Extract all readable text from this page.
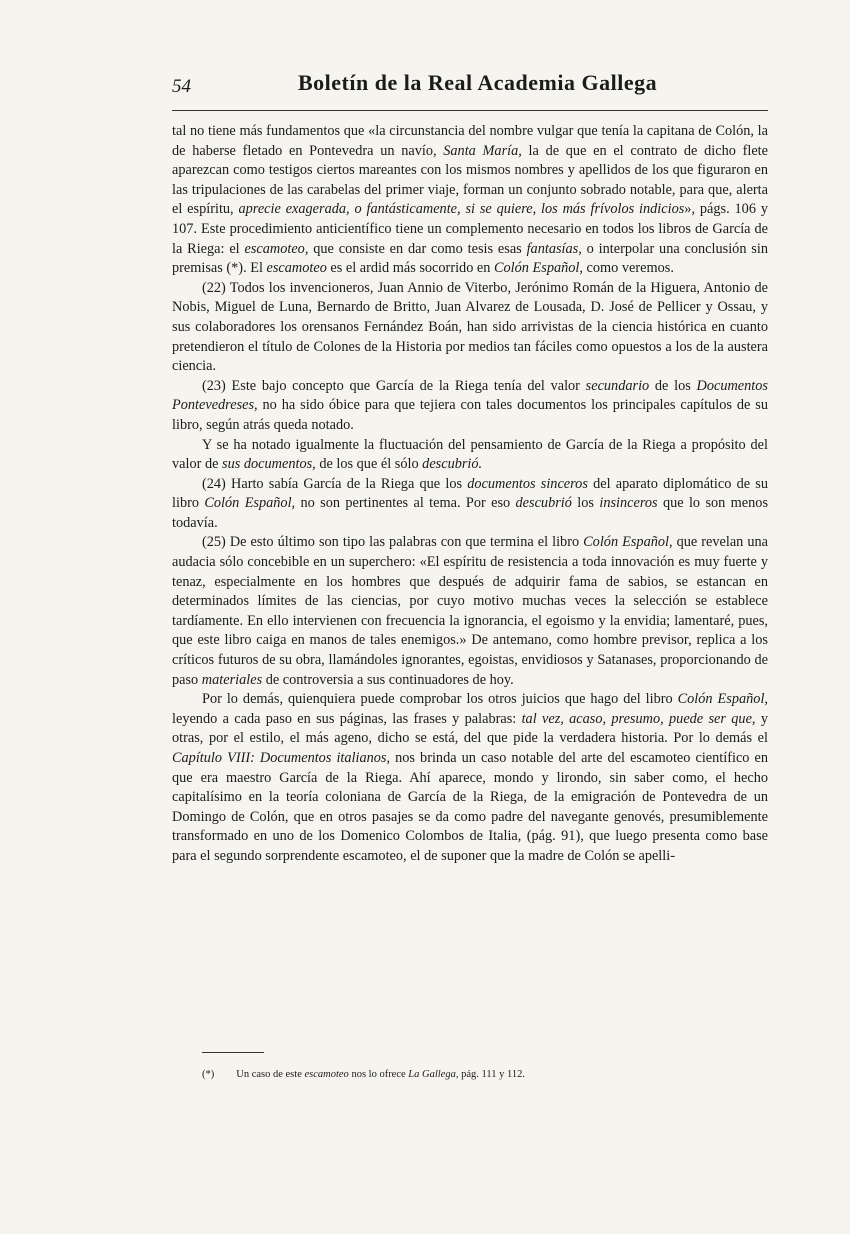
54	Boletín de la Real Academia Gallega

tal no tiene más fundamentos que «la circunstancia del nombre vulgar que tenía la capitana de Colón, la de haberse fletado en Pontevedra un navío, Santa María, la de que en el contrato de dicho flete aparezcan como testigos ciertos mareantes con los mismos nombres y apellidos de los que figuraron en las tripulaciones de las carabelas del primer viaje, forman un conjunto sobrado notable, para que, alerta el espíritu, aprecie exagerada, o fantásticamente, si se quiere, los más frívolos indicios», págs. 106 y 107. Este procedimiento anticientífico tiene un complemento necesario en todos los libros de García de la Riega: el escamoteo, que consiste en dar como tesis esas fantasías, o interpolar una conclusión sin premisas (*). El escamoteo es el ardid más socorrido en Colón Español, como veremos.

(22) Todos los invencioneros, Juan Annio de Viterbo, Jerónimo Román de la Higuera, Antonio de Nobis, Miguel de Luna, Bernardo de Britto, Juan Alvarez de Lousada, D. José de Pellicer y Ossau, y sus colaboradores los orensanos Fernández Boán, han sido arrivistas de la ciencia histórica en cuanto pretendieron el título de Colones de la Historia por medios tan fáciles como opuestos a los de la austera ciencia.

(23) Este bajo concepto que García de la Riega tenía del valor secundario de los Documentos Pontevedreses, no ha sido óbice para que tejiera con tales documentos los principales capítulos de su libro, según atrás queda notado.

Y se ha notado igualmente la fluctuación del pensamiento de García de la Riega a propósito del valor de sus documentos, de los que él sólo descubrió.

(24) Harto sabía García de la Riega que los documentos sinceros del aparato diplomático de su libro Colón Español, no son pertinentes al tema. Por eso descubrió los insinceros que lo son menos todavía.

(25) De esto último son tipo las palabras con que termina el libro Colón Español, que revelan una audacia sólo concebible en un superchero: «El espíritu de resistencia a toda innovación es muy fuerte y tenaz, especialmente en los hombres que después de adquirir fama de sabios, se estancan en determinados límites de las ciencias, por cuyo motivo muchas veces la selección se establece tardíamente. En ello intervienen con frecuencia la ignorancia, el egoismo y la envidia; lamentaré, pues, que este libro caiga en manos de tales enemigos.» De antemano, como hombre previsor, replica a los críticos futuros de su obra, llamándoles ignorantes, egoistas, envidiosos y Satanases, proporcionando de paso materiales de controversia a sus continuadores de hoy.

Por lo demás, quienquiera puede comprobar los otros juicios que hago del libro Colón Español, leyendo a cada paso en sus páginas, las frases y palabras: tal vez, acaso, presumo, puede ser que, y otras, por el estilo, el más ageno, dicho se está, del que pide la verdadera historia. Por lo demás el Capítulo VIII: Documentos italianos, nos brinda un caso notable del arte del escamoteo científico en que era maestro García de la Riega. Ahí aparece, mondo y lirondo, sin saber como, el hecho capitalísimo en la teoría coloniana de García de la Riega, de la emigración de Pontevedra de un Domingo de Colón, que en otros pasajes se da como padre del navegante genovés, presumiblemente transformado en uno de los Domenico Colombos de Italia, (pág. 91), que luego presenta como base para el segundo sorprendente escamoteo, el de suponer que la madre de Colón se apelli-

(*) Un caso de este escamoteo nos lo ofrece La Gallega, pág. 111 y 112.
